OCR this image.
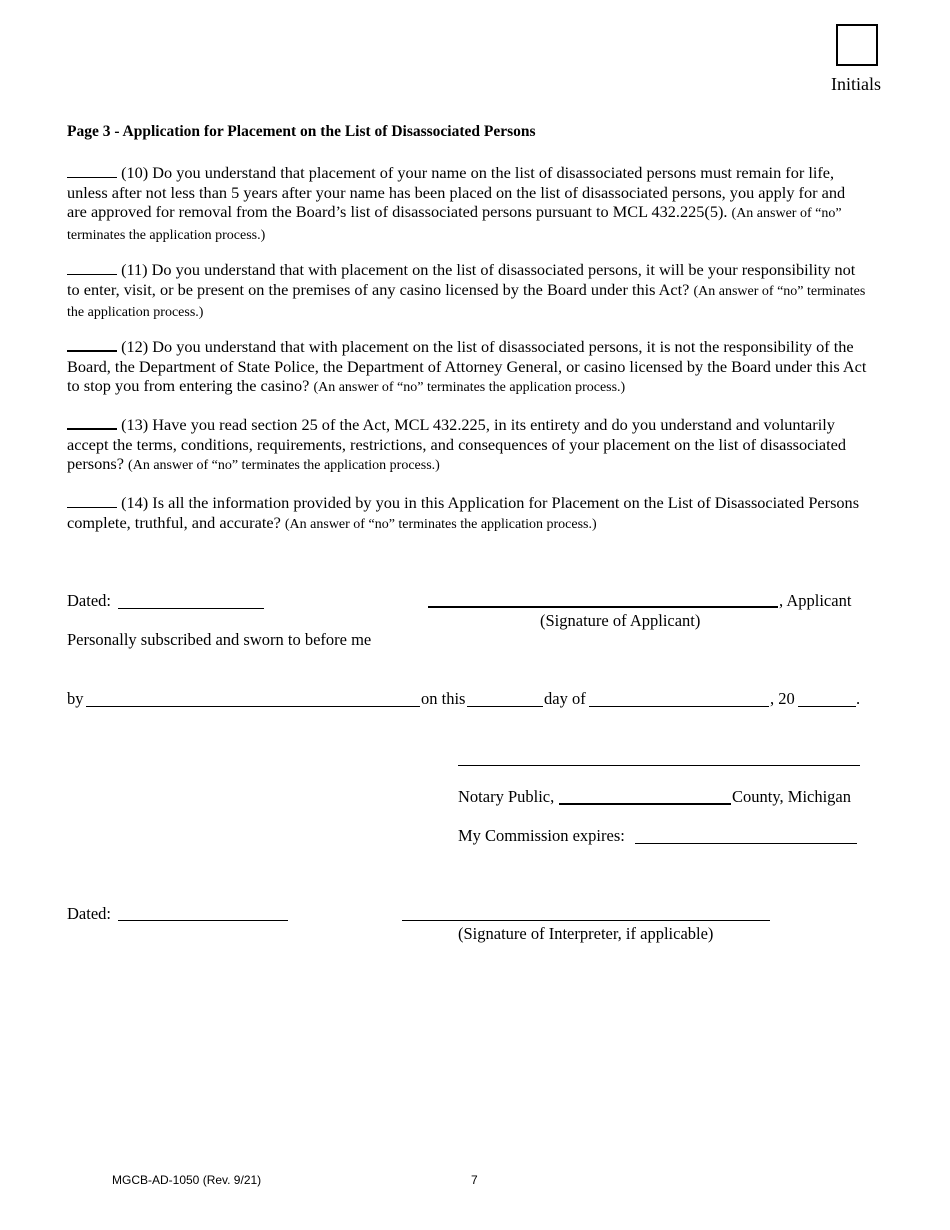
Initials
Page 3 - Application for Placement on the List of Disassociated Persons
(10) Do you understand that placement of your name on the list of disassociated persons must remain for life, unless after not less than 5 years after your name has been placed on the list of disassociated persons, you apply for and are approved for removal from the Board’s list of disassociated persons pursuant to MCL 432.225(5). (An answer of “no” terminates the application process.)
(11) Do you understand that with placement on the list of disassociated persons, it will be your responsibility not to enter, visit, or be present on the premises of any casino licensed by the Board under this Act? (An answer of “no” terminates the application process.)
(12) Do you understand that with placement on the list of disassociated persons, it is not the responsibility of the Board, the Department of State Police, the Department of Attorney General, or casino licensed by the Board under this Act to stop you from entering the casino? (An answer of “no” terminates the application process.)
(13) Have you read section 25 of the Act, MCL 432.225, in its entirety and do you understand and voluntarily accept the terms, conditions, requirements, restrictions, and consequences of your placement on the list of disassociated persons? (An answer of “no” terminates the application process.)
(14) Is all the information provided by you in this Application for Placement on the List of Disassociated Persons complete, truthful, and accurate? (An answer of “no” terminates the application process.)
Dated:	, Applicant
(Signature of Applicant)
Personally subscribed and sworn to before me
by	on this	day of	, 20	.
Notary Public,	County, Michigan
My Commission expires:
Dated:
(Signature of Interpreter, if applicable)
MGCB-AD-1050 (Rev. 9/21)	7
